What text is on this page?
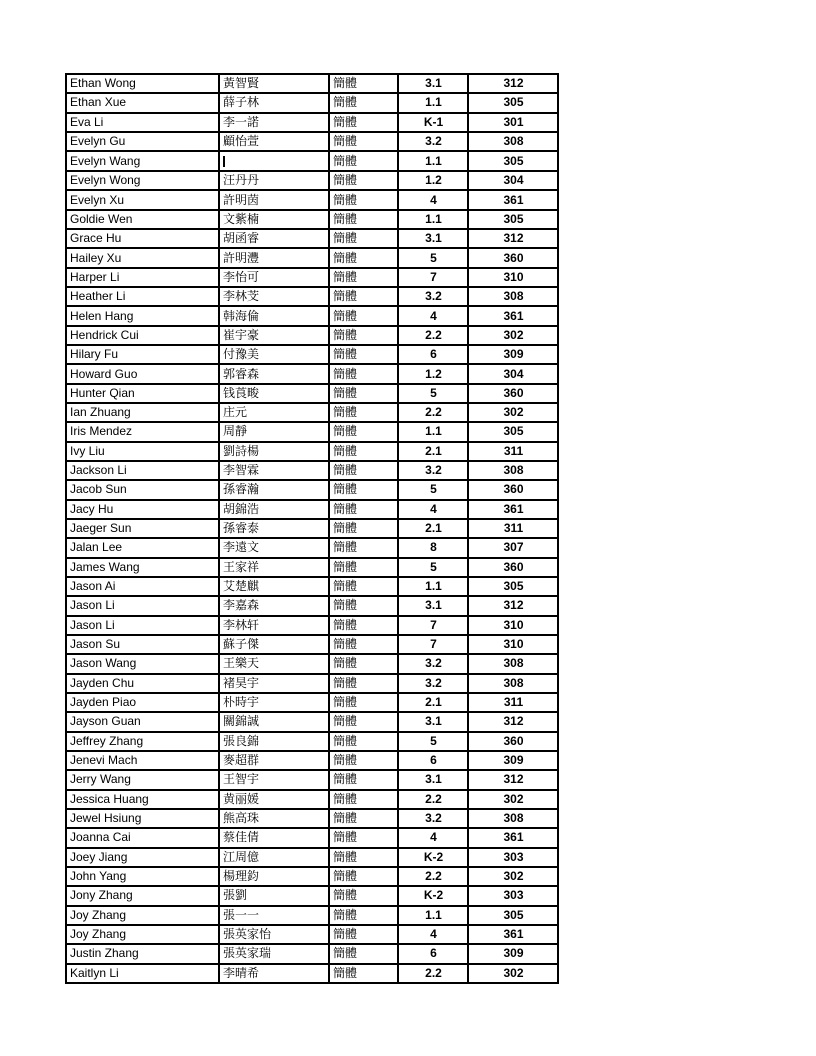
Ethan Wong	黃智賢	簡體	3.1	312
Ethan Xue	薛子林	簡體	1.1	305
Eva Li	李一諾	簡體	K-1	301
Evelyn Gu	顧怡萱	簡體	3.2	308
Evelyn Wang		簡體	1.1	305
Evelyn Wong	汪丹丹	簡體	1.2	304
Evelyn Xu	許明茵	簡體	4	361
Goldie Wen	文紫楠	簡體	1.1	305
Grace Hu	胡函睿	簡體	3.1	312
Hailey Xu	許明灃	簡體	5	360
Harper Li	李怡可	簡體	7	310
Heather Li	李林芠	簡體	3.2	308
Helen Hang	韩海倫	簡體	4	361
Hendrick Cui	崔宇豪	簡體	2.2	302
Hilary Fu	付豫美	簡體	6	309
Howard Guo	郭睿森	簡體	1.2	304
Hunter Qian	钱莨畯	簡體	5	360
Ian Zhuang	庄元	簡體	2.2	302
Iris Mendez	周靜	簡體	1.1	305
Ivy Liu	劉詩楊	簡體	2.1	311
Jackson Li	李智霖	簡體	3.2	308
Jacob Sun	孫睿瀚	簡體	5	360
Jacy Hu	胡錦浩	簡體	4	361
Jaeger Sun	孫睿泰	簡體	2.1	311
Jalan Lee	李遠文	簡體	8	307
James Wang	王家祥	簡體	5	360
Jason Ai	艾楚麒	簡體	1.1	305
Jason Li	李嘉森	簡體	3.1	312
Jason Li	李林轩	簡體	7	310
Jason Su	蘇子傑	簡體	7	310
Jason Wang	王樂天	簡體	3.2	308
Jayden Chu	褚昊宇	簡體	3.2	308
Jayden Piao	朴時宇	簡體	2.1	311
Jayson Guan	關錦誠	簡體	3.1	312
Jeffrey Zhang	張良錦	簡體	5	360
Jenevi Mach	麥超群	簡體	6	309
Jerry Wang	王智宇	簡體	3.1	312
Jessica Huang	黄丽媛	簡體	2.2	302
Jewel Hsiung	熊高珠	簡體	3.2	308
Joanna Cai	蔡佳倩	簡體	4	361
Joey Jiang	江周億	簡體	K-2	303
John Yang	楊理鈞	簡體	2.2	302
Jony Zhang	張劉	簡體	K-2	303
Joy Zhang	張一一	簡體	1.1	305
Joy Zhang	張英家怡	簡體	4	361
Justin Zhang	張英家瑞	簡體	6	309
Kaitlyn Li	李晴希	簡體	2.2	302
